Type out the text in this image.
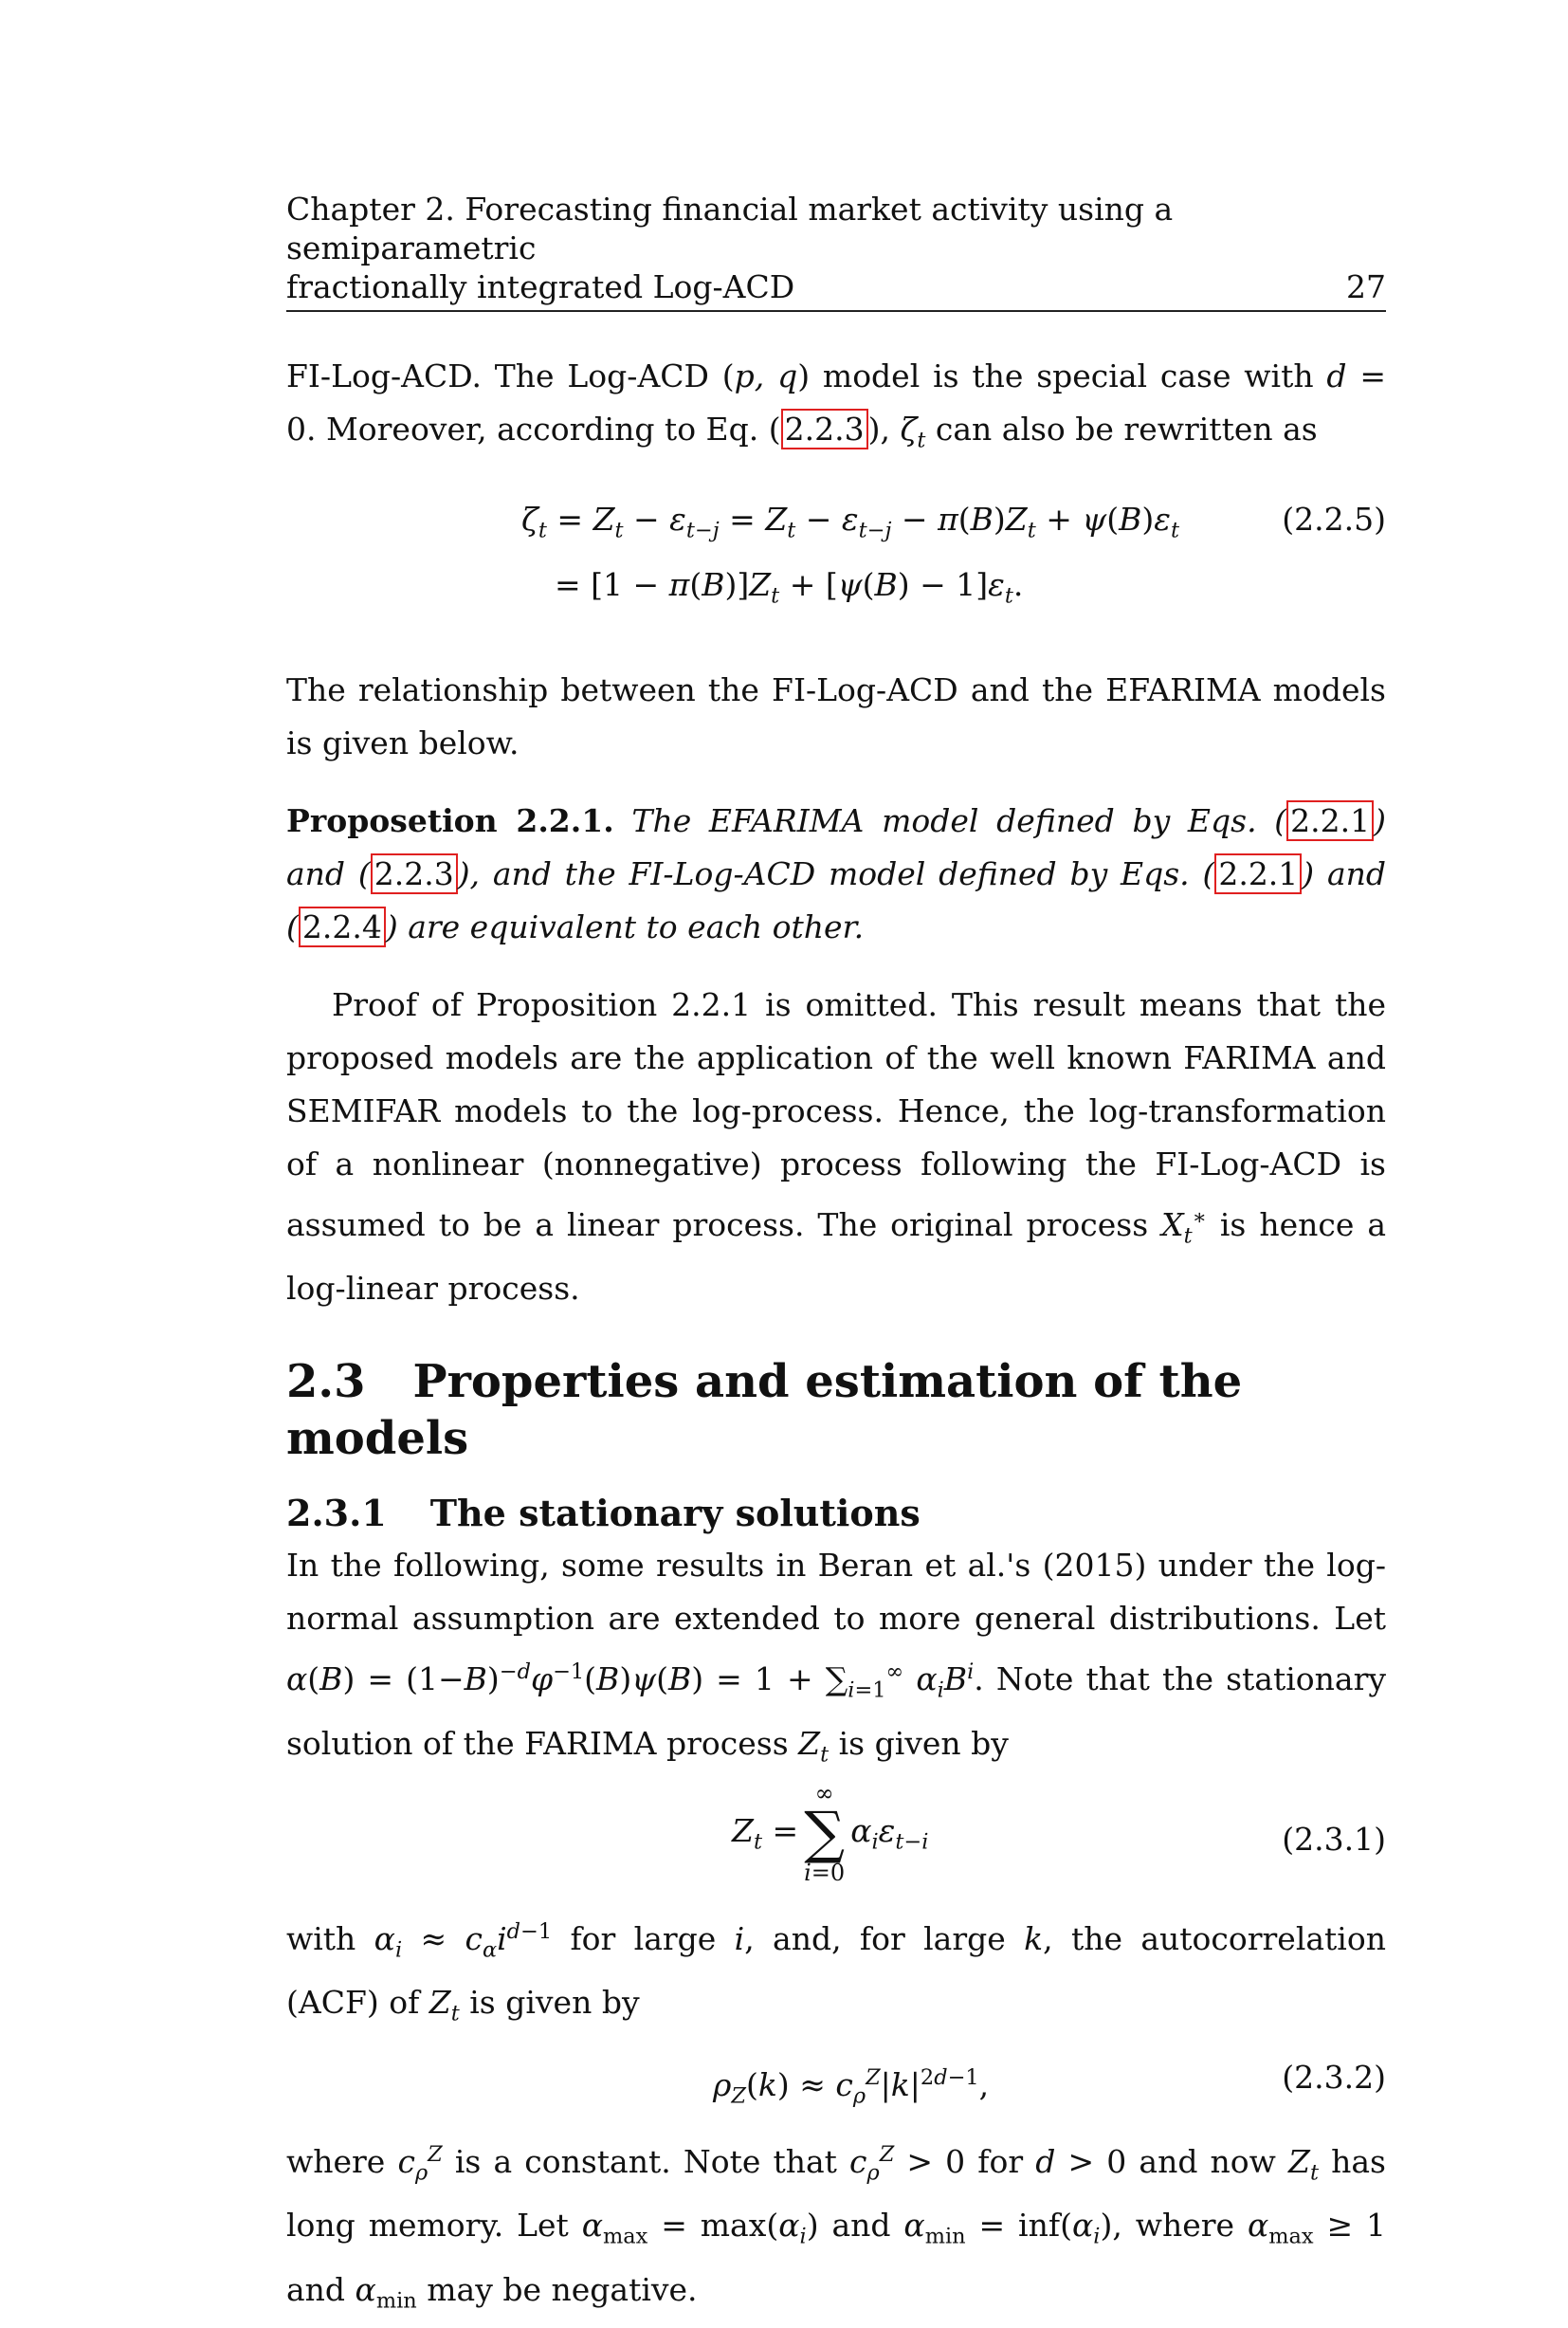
Chapter 2. Forecasting financial market activity using a semiparametric
fractionally integrated Log-ACD	27

FI-Log-ACD. The Log-ACD (p, q) model is the special case with d = 0. Moreover, according to Eq. ( 2.2.3 ), $\zeta_t$ can also be rewritten as

$\zeta_t = Z_t - \varepsilon_{t-j} = Z_t - \varepsilon_{t-j} - \pi(B)Z_t + \psi(B)\varepsilon_t$
= $[1 - \pi(B)]Z_t + [\psi(B) - 1]\varepsilon_t$.
(2.2.5)

The relationship between the FI-Log-ACD and the EFARIMA models is given below.

Proposetion 2.2.1. The EFARIMA model defined by Eqs. ( 2.2.1 ) and ( 2.2.3 ), and the FI-Log-ACD model defined by Eqs. ( 2.2.1 ) and ( 2.2.4 ) are equivalent to each other.

Proof of Proposition 2.2.1 is omitted. This result means that the proposed models are the application of the well known FARIMA and SEMIFAR models to the log-process. Hence, the log-transformation of a nonlinear (nonnegative) process following the FI-Log-ACD is assumed to be a linear process. The original process $X_t^∗$ is hence a log-linear process.

2.3 Properties and estimation of the models
2.3.1 The stationary solutions

In the following, some results in Beran et al.'s (2015) under the log-normal assumption are extended to more general distributions. Let $\alpha(B) = (1-B)^{-d}\varphi^{-1}(B)\psi(B) = 1 + \sum_{i=1}^\infty$ $\alpha_iB^i$. Note that the stationary solution of the FARIMA process $Z_t$ is given by

$Z_t$ =
∞
∑
i=0
$\alpha_i\varepsilon_{t-i}$	(2.3.1)

with $\alpha_i \approx c_\alpha i^{d-1}$ for large i, and, for large k, the autocorrelation (ACF) of $Z_t$ is given by

$\rho_Z(k) \approx c_\rho^Z|k|^{2d-1}$,	(2.3.2)

where $c_\rho^Z$ is a constant. Note that $c_\rho^Z > 0$ for d > 0 and now $Z_t$ has long memory. Let $\alpha_{max} = \max(\alpha_i)$ and $\alpha_{min} = inf(\alpha_i)$, where $\alpha_{max} \ge 1$ and $\alpha_{min}$ may be negative.
